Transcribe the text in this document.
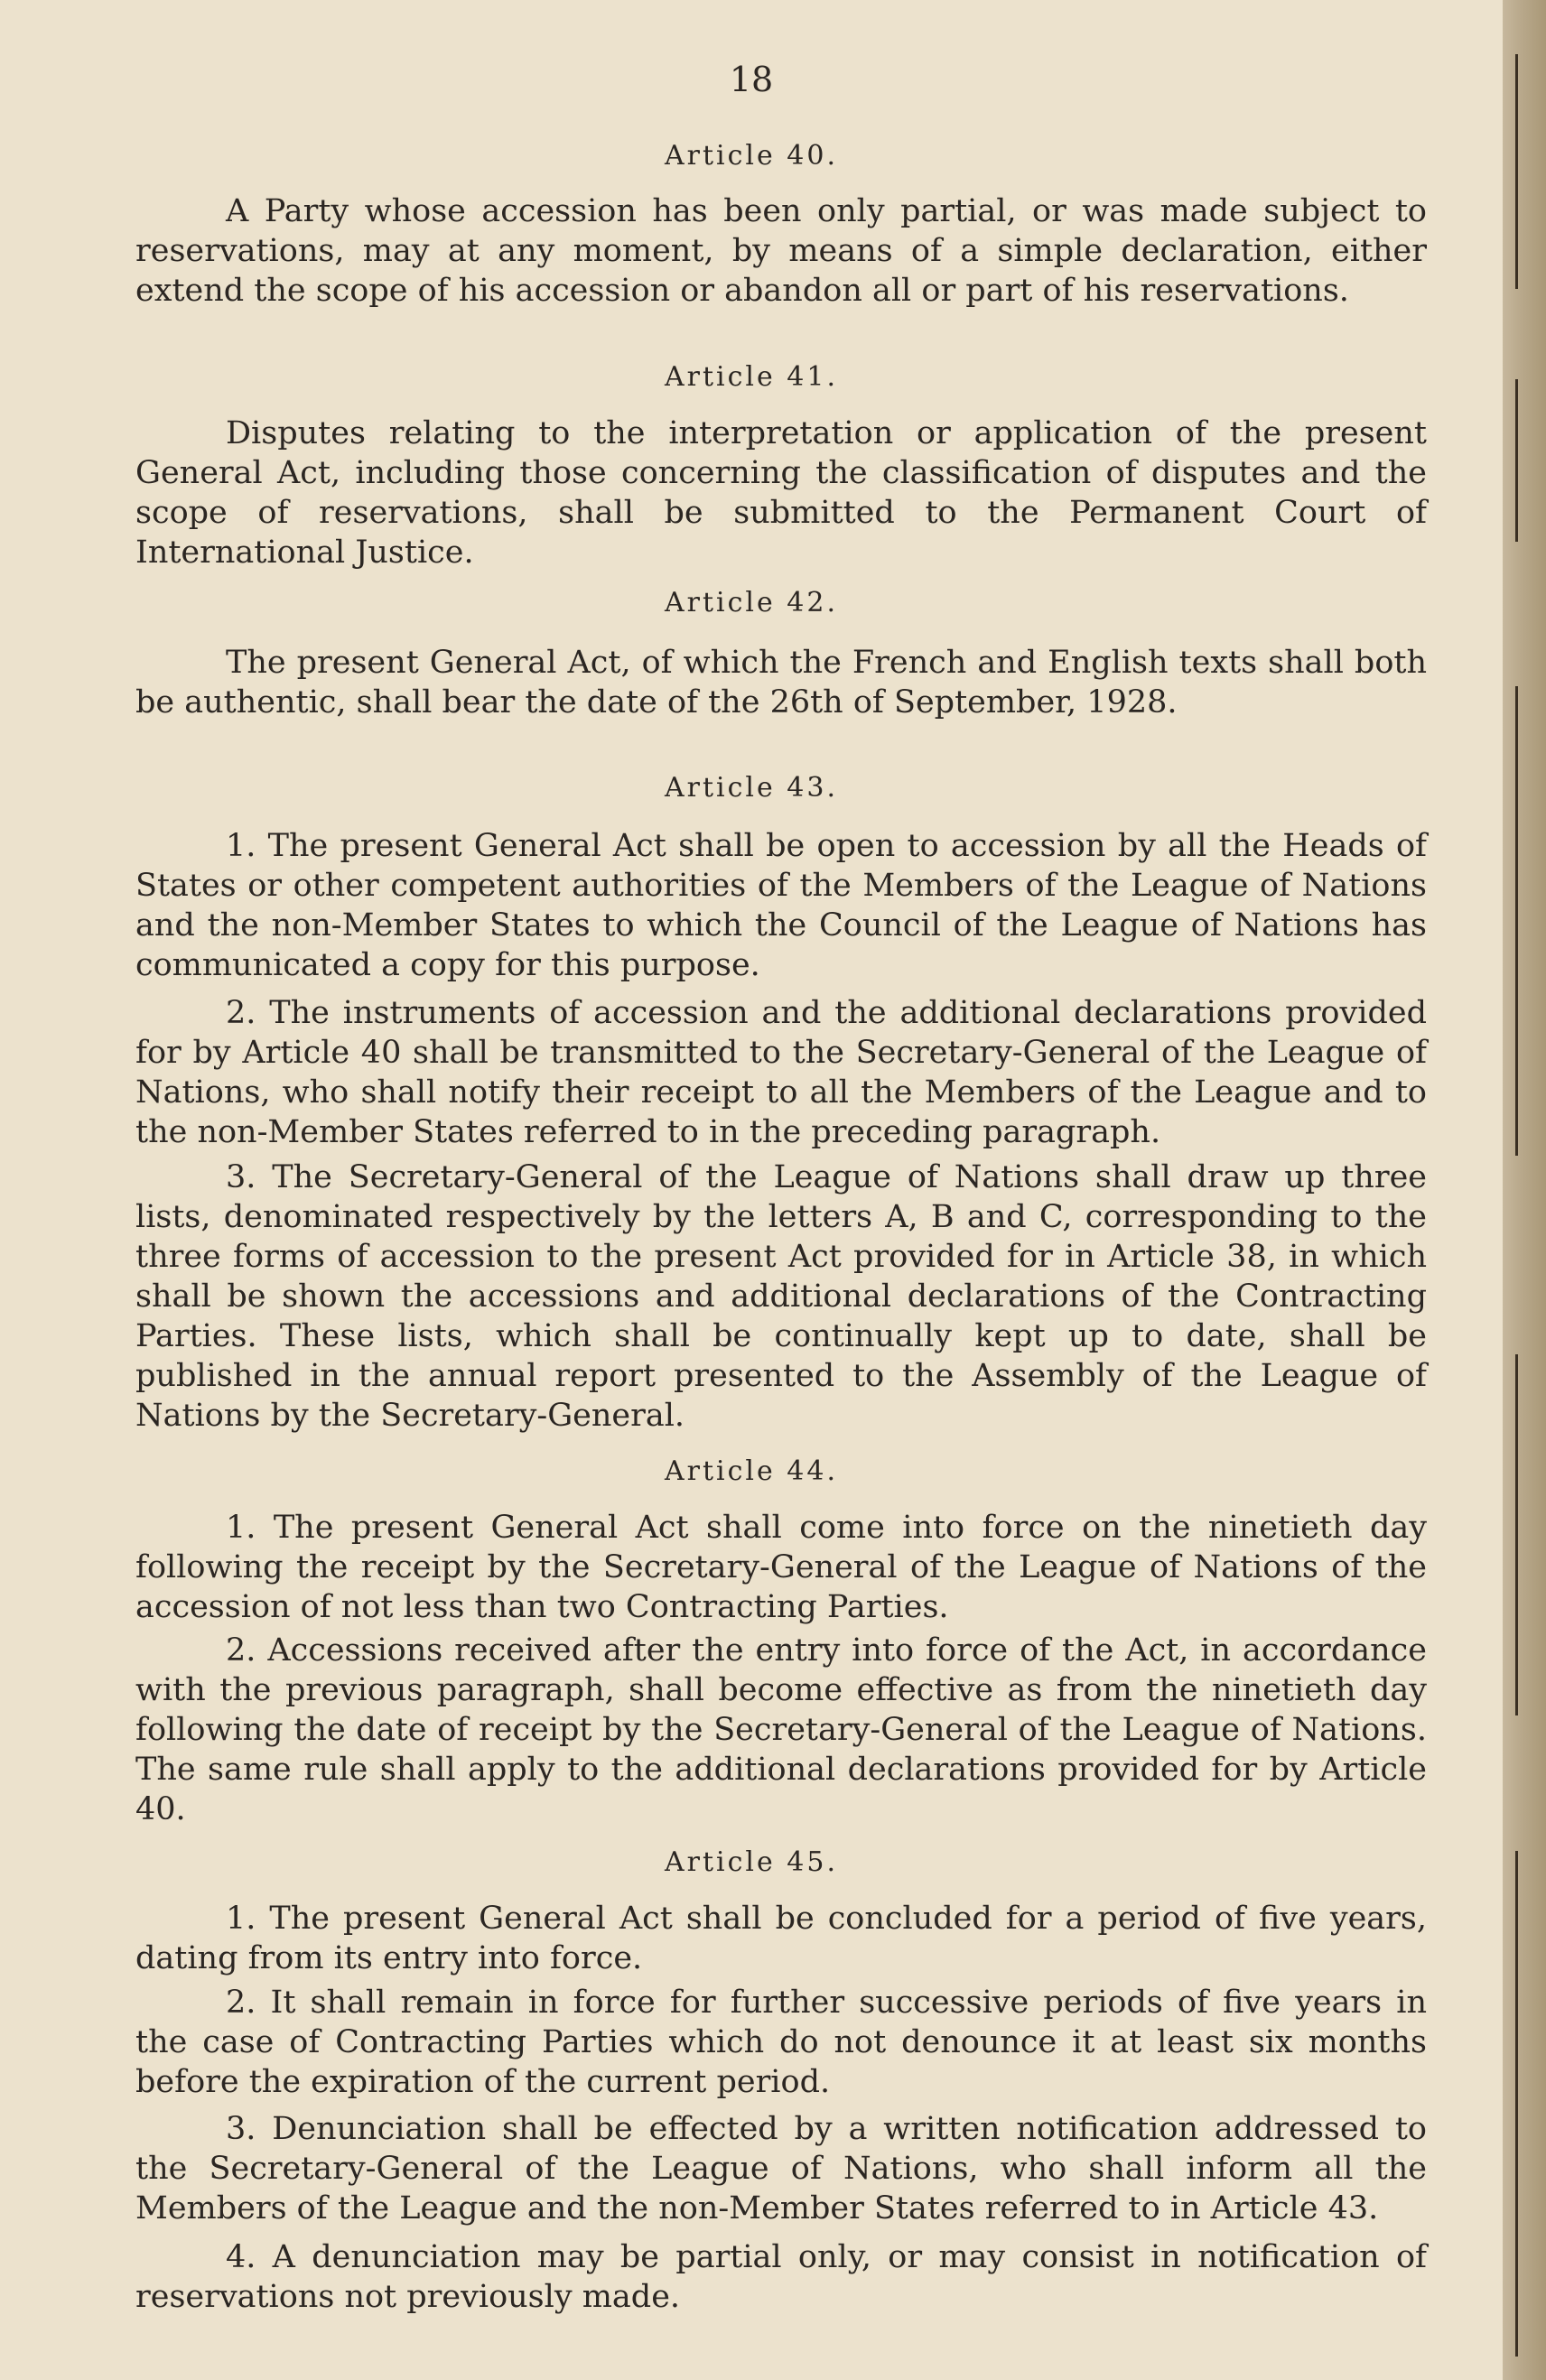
18
Article 40.
A Party whose accession has been only partial, or was made subject to reservations, may at any moment, by means of a simple declaration, either extend the scope of his accession or abandon all or part of his reservations.
Article 41.
Disputes relating to the interpretation or application of the present General Act, including those concerning the classification of disputes and the scope of reservations, shall be submitted to the Permanent Court of International Justice.
Article 42.
The present General Act, of which the French and English texts shall both be authentic, shall bear the date of the 26th of September, 1928.
Article 43.
1. The present General Act shall be open to accession by all the Heads of States or other competent authorities of the Members of the League of Nations and the non-Member States to which the Council of the League of Nations has communicated a copy for this purpose.
2. The instruments of accession and the additional declarations provided for by Article 40 shall be transmitted to the Secretary-General of the League of Nations, who shall notify their receipt to all the Members of the League and to the non-Member States referred to in the preceding paragraph.
3. The Secretary-General of the League of Nations shall draw up three lists, denominated respectively by the letters A, B and C, corresponding to the three forms of accession to the present Act provided for in Article 38, in which shall be shown the accessions and additional declarations of the Contracting Parties. These lists, which shall be continually kept up to date, shall be published in the annual report presented to the Assembly of the League of Nations by the Secretary-General.
Article 44.
1. The present General Act shall come into force on the ninetieth day following the receipt by the Secretary-General of the League of Nations of the accession of not less than two Contracting Parties.
2. Accessions received after the entry into force of the Act, in accordance with the previous paragraph, shall become effective as from the ninetieth day following the date of receipt by the Secretary-General of the League of Nations. The same rule shall apply to the additional declarations provided for by Article 40.
Article 45.
1. The present General Act shall be concluded for a period of five years, dating from its entry into force.
2. It shall remain in force for further successive periods of five years in the case of Contracting Parties which do not denounce it at least six months before the expiration of the current period.
3. Denunciation shall be effected by a written notification addressed to the Secretary-General of the League of Nations, who shall inform all the Members of the League and the non-Member States referred to in Article 43.
4. A denunciation may be partial only, or may consist in notification of reservations not previously made.
